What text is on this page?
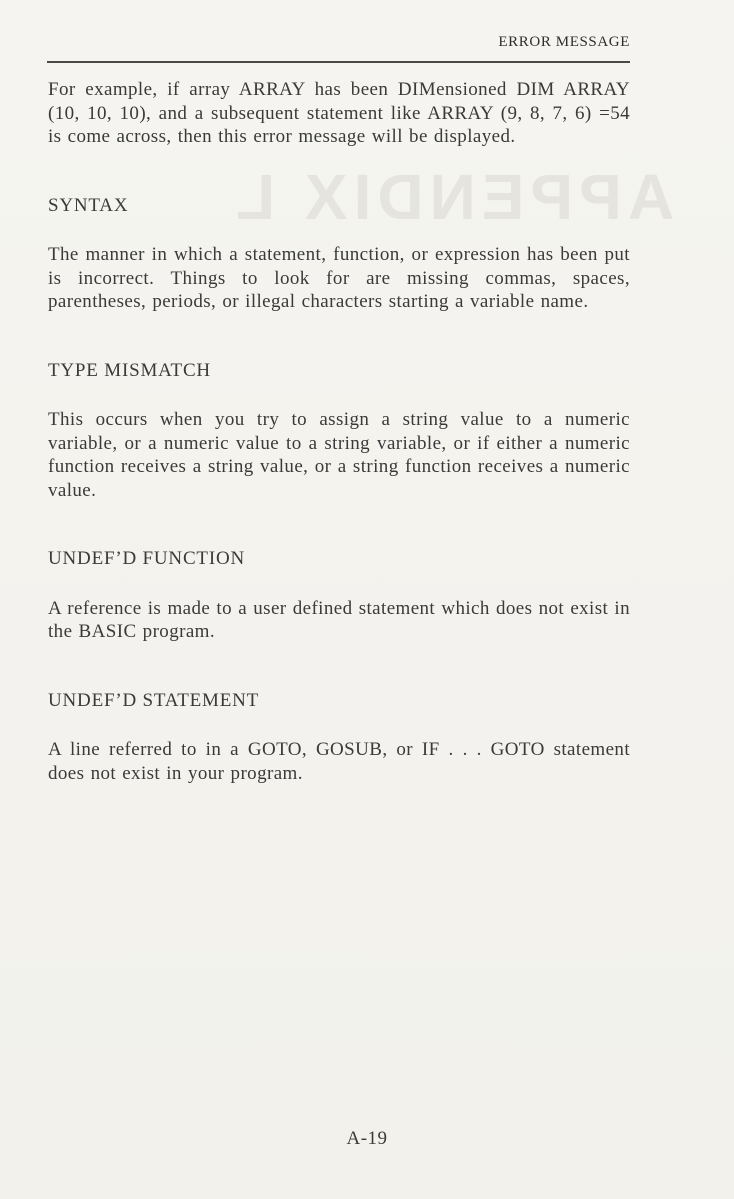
APPENDIX L
ERROR MESSAGE

For example, if array ARRAY has been DIMensioned DIM ARRAY (10, 10, 10), and a subsequent statement like ARRAY (9, 8, 7, 6) =54 is come across, then this error message will be displayed.

SYNTAX

The manner in which a statement, function, or expression has been put is incorrect. Things to look for are missing commas, spaces, parentheses, periods, or illegal characters starting a variable name.

TYPE MISMATCH

This occurs when you try to assign a string value to a numeric variable, or a numeric value to a string variable, or if either a numeric function receives a string value, or a string function receives a numeric value.

UNDEF’D FUNCTION

A reference is made to a user defined statement which does not exist in the BASIC program.

UNDEF’D STATEMENT

A line referred to in a GOTO, GOSUB, or IF . . . GOTO statement does not exist in your program.

A-19
